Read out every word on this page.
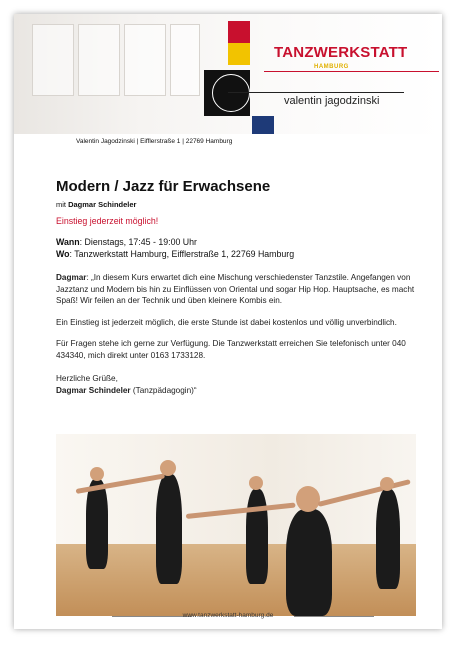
TANZWERKSTATT
HAMBURG
valentin jagodzinski
Valentin Jagodzinski | Eifflerstraße 1 | 22769 Hamburg
Modern / Jazz für Erwachsene
mit Dagmar Schindeler
Einstieg jederzeit möglich!
Wann: Dienstags, 17:45 - 19:00 Uhr
Wo: Tanzwerkstatt Hamburg, Eifflerstraße 1, 22769 Hamburg
Dagmar: „In diesem Kurs erwartet dich eine Mischung verschiedenster Tanzstile. Angefangen von Jazztanz und Modern bis hin zu Einflüssen von Oriental und sogar Hip Hop. Hauptsache, es macht Spaß! Wir feilen an der Technik und üben kleinere Kombis ein.
Ein Einstieg ist jederzeit möglich, die erste Stunde ist dabei kostenlos und völlig unverbindlich.
Für Fragen stehe ich gerne zur Verfügung. Die Tanzwerkstatt erreichen Sie telefonisch unter 040 434340, mich direkt unter 0163 1733128.
Herzliche Grüße,
Dagmar Schindeler (Tanzpädagogin)“
www.tanzwerkstatt-hamburg.de
